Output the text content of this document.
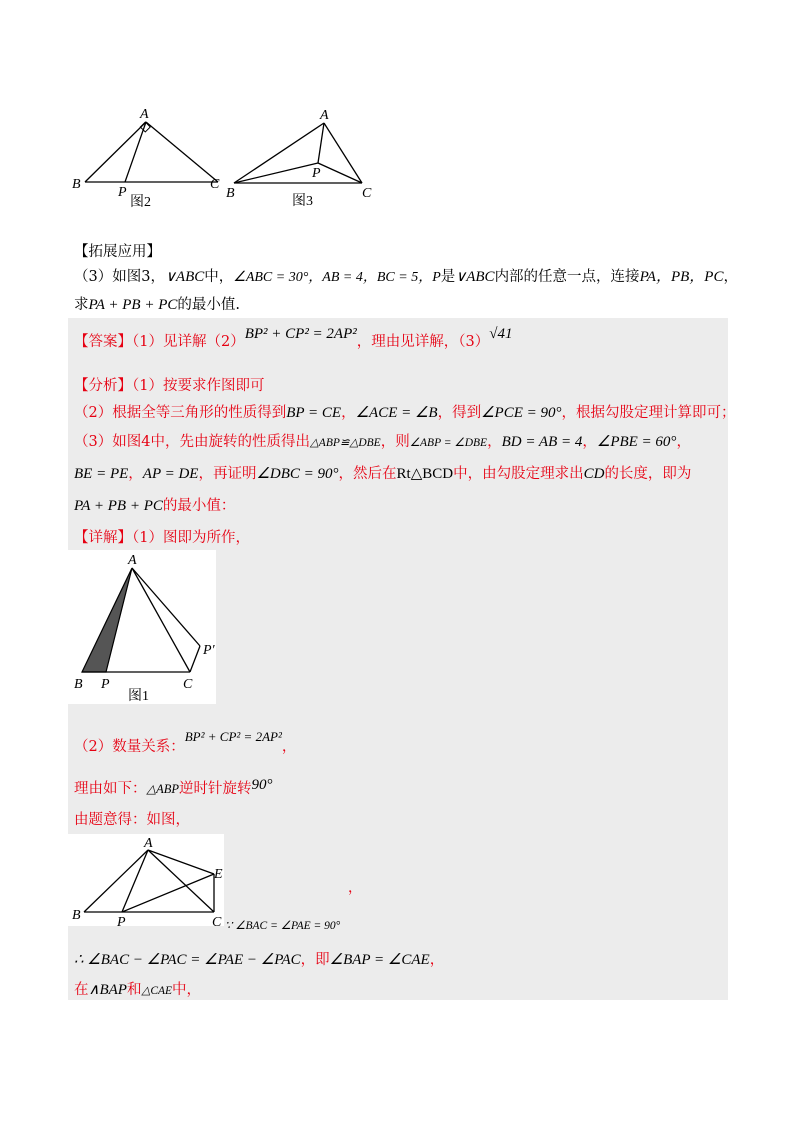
A
B
P
C
图2
A
B
P
C
图3
【拓展应用】
（3）如图3，∨ABC中，∠ABC = 30°，AB = 4，BC = 5，P是∨ABC内部的任意一点，连接PA，PB，PC，
求PA + PB + PC的最小值.
【答案】（1）见详解（2）BP² + CP² = 2AP²，理由见详解，（3）√41
【分析】（1）按要求作图即可
（2）根据全等三角形的性质得到BP = CE，∠ACE = ∠B，得到∠PCE = 90°，根据勾股定理计算即可；
（3）如图4中，先由旋转的性质得出△ABP≌△DBE，则∠ABP = ∠DBE，BD = AB = 4，∠PBE = 60°，
BE = PE，AP = DE，再证明∠DBC = 90°，然后在Rt△BCD中，由勾股定理求出CD的长度，即为
PA + PB + PC的最小值：
【详解】（1）图即为所作，
A
B P	C
P′
图1
（2）数量关系：BP² + CP² = 2AP²，
理由如下：△ABP逆时针旋转90°
由题意得：如图，
A
B	P	C
E
，
∵ ∠BAC = ∠PAE = 90°
∴ ∠BAC − ∠PAC = ∠PAE − ∠PAC，即∠BAP = ∠CAE，
在∧BAP和△CAE中，
